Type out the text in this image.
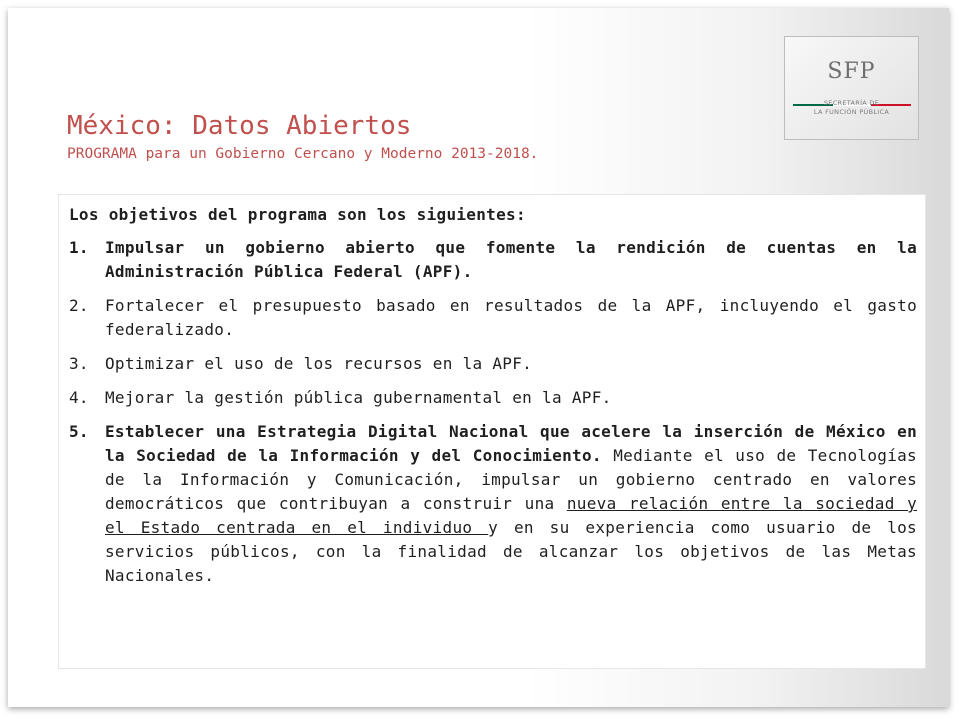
SFP
SECRETARÍA DE
LA FUNCIÓN PÚBLICA
México: Datos Abiertos
PROGRAMA para un Gobierno Cercano y Moderno 2013-2018.

Los objetivos del programa son los siguientes:

1. Impulsar un gobierno abierto que fomente la rendición de cuentas en la Administración Pública Federal (APF).
2. Fortalecer el presupuesto basado en resultados de la APF, incluyendo el gasto federalizado.
3. Optimizar el uso de los recursos en la APF.
4. Mejorar la gestión pública gubernamental en la APF.
5. Establecer una Estrategia Digital Nacional que acelere la inserción de México en la Sociedad de la Información y del Conocimiento. Mediante el uso de Tecnologías de la Información y Comunicación, impulsar un gobierno centrado en valores democráticos que contribuyan a construir una nueva relación entre la sociedad y el Estado centrada en el individuo y en su experiencia como usuario de los servicios públicos, con la finalidad de alcanzar los objetivos de las Metas Nacionales.
